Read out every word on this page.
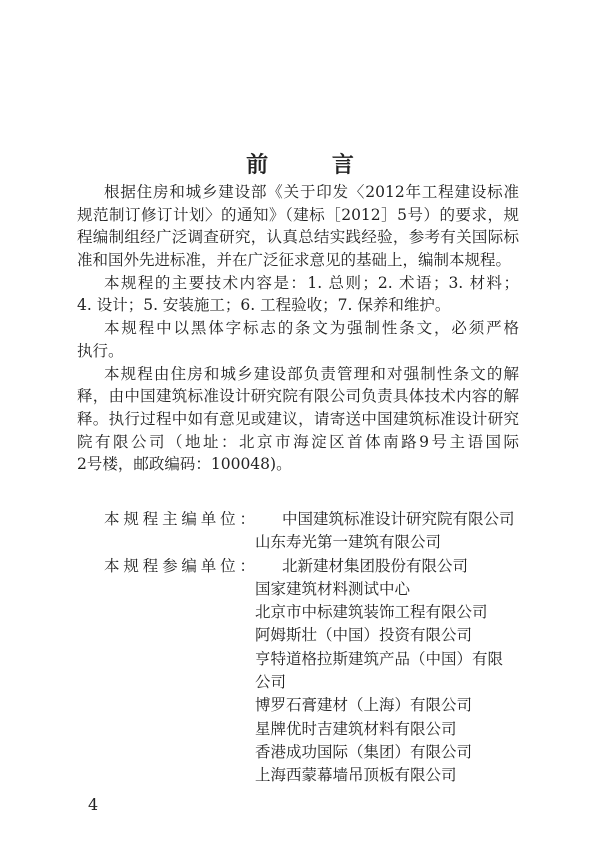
前 言
根据住房和城乡建设部《关于印发〈2012年工程建设标准
规范制订修订计划〉的通知》（建标［2012］5号）的要求，规
程编制组经广泛调查研究，认真总结实践经验，参考有关国际标
准和国外先进标准，并在广泛征求意见的基础上，编制本规程。
本规程的主要技术内容是：1. 总则；2. 术语；3. 材料；
4. 设计；5. 安装施工；6. 工程验收；7. 保养和维护。
本规程中以黑体字标志的条文为强制性条文，必须严格
执行。
本规程由住房和城乡建设部负责管理和对强制性条文的解
释，由中国建筑标准设计研究院有限公司负责具体技术内容的解
释。执行过程中如有意见或建议，请寄送中国建筑标准设计研究
院有限公司（地址：北京市海淀区首体南路9号主语国际
2号楼，邮政编码：100048)。
本规程主编单位： 中国建筑标准设计研究院有限公司
山东寿光第一建筑有限公司
本规程参编单位： 北新建材集团股份有限公司
国家建筑材料测试中心
北京市中标建筑装饰工程有限公司
阿姆斯壮（中国）投资有限公司
亨特道格拉斯建筑产品（中国）有限
公司
博罗石膏建材（上海）有限公司
星牌优时吉建筑材料有限公司
香港成功国际（集团）有限公司
上海西蒙幕墙吊顶板有限公司
4
